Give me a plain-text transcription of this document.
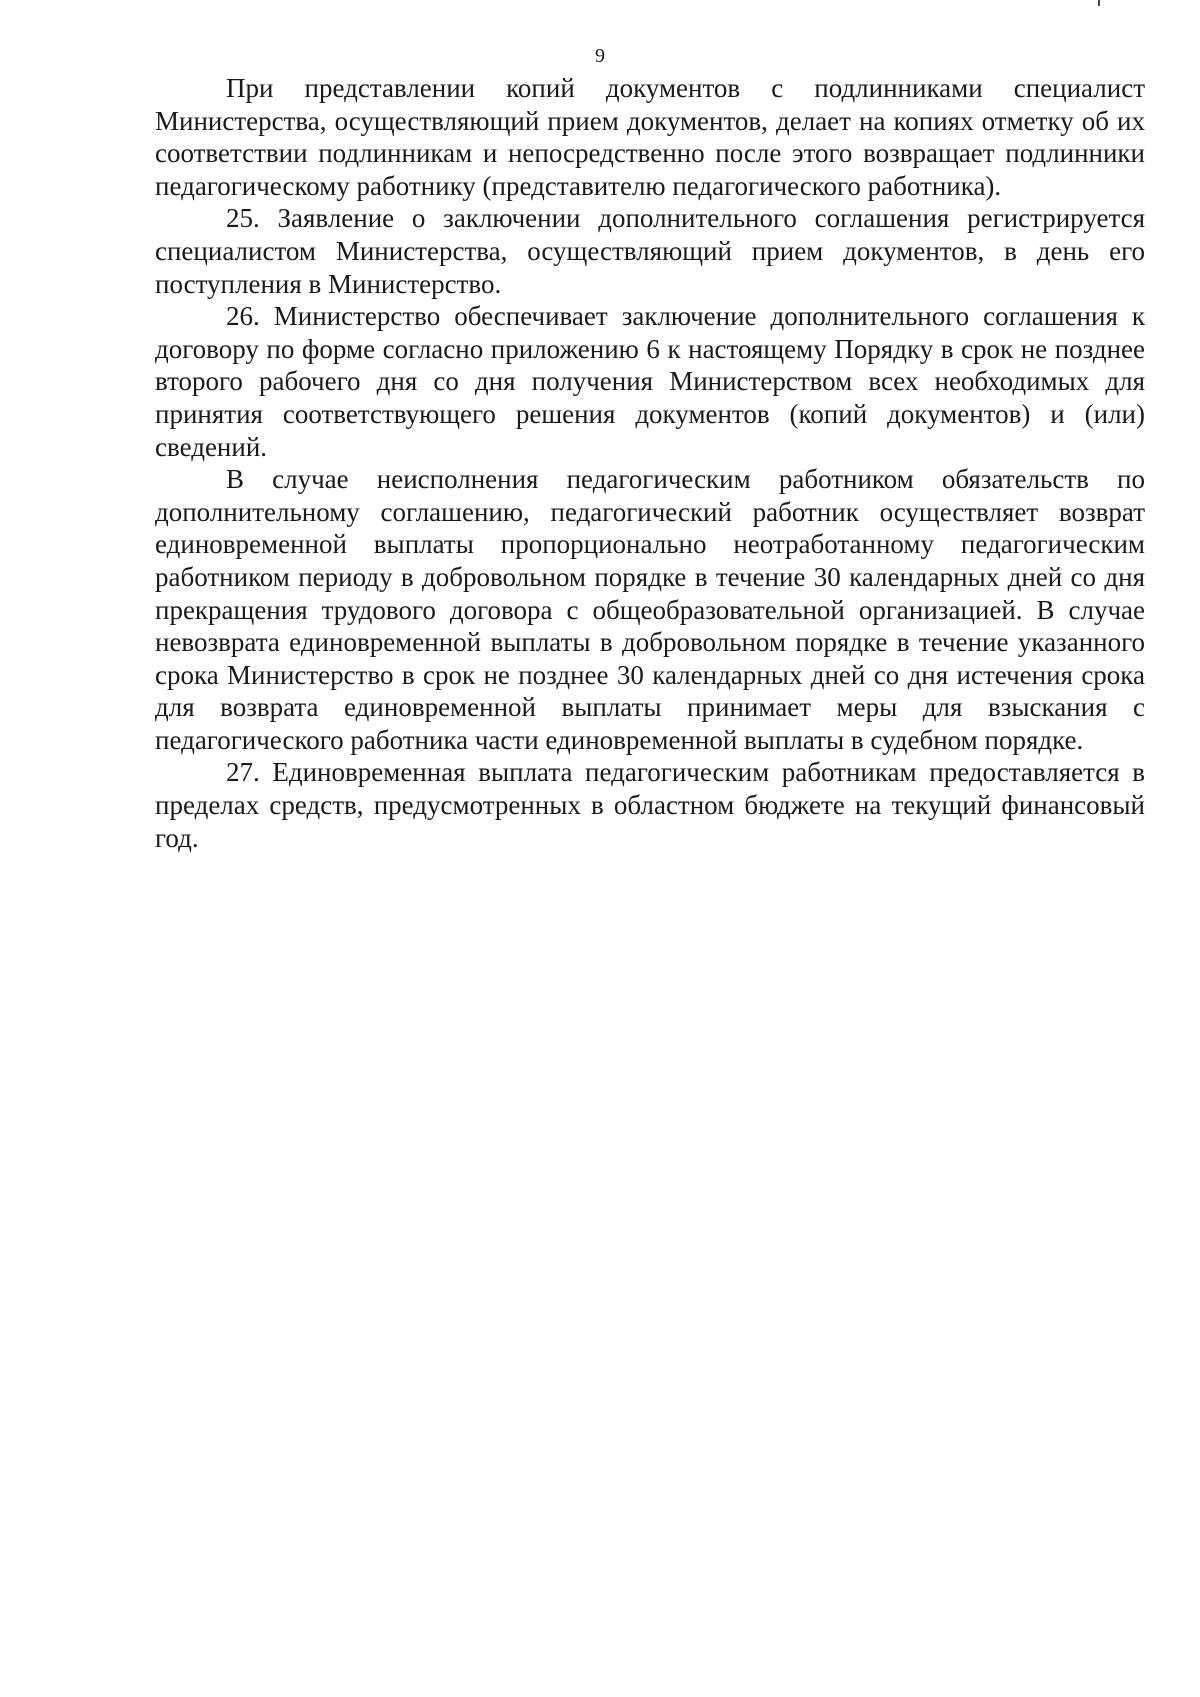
9

При представлении копий документов с подлинниками специалист Министерства, осуществляющий прием документов, делает на копиях отметку об их соответствии подлинникам и непосредственно после этого возвращает подлинники педагогическому работнику (представителю педагогического работника).

25. Заявление о заключении дополнительного соглашения регистрируется специалистом Министерства, осуществляющий прием документов, в день его поступления в Министерство.

26. Министерство обеспечивает заключение дополнительного соглашения к договору по форме согласно приложению 6 к настоящему Порядку в срок не позднее второго рабочего дня со дня получения Министерством всех необходимых для принятия соответствующего решения документов (копий документов) и (или) сведений.

В случае неисполнения педагогическим работником обязательств по дополнительному соглашению, педагогический работник осуществляет возврат единовременной выплаты пропорционально неотработанному педагогическим работником периоду в добровольном порядке в течение 30 календарных дней со дня прекращения трудового договора с общеобразовательной организацией. В случае невозврата единовременной выплаты в добровольном порядке в течение указанного срока Министерство в срок не позднее 30 календарных дней со дня истечения срока для возврата единовременной выплаты принимает меры для взыскания с педагогического работника части единовременной выплаты в судебном порядке.

27. Единовременная выплата педагогическим работникам предоставляется в пределах средств, предусмотренных в областном бюджете на текущий финансовый год.
